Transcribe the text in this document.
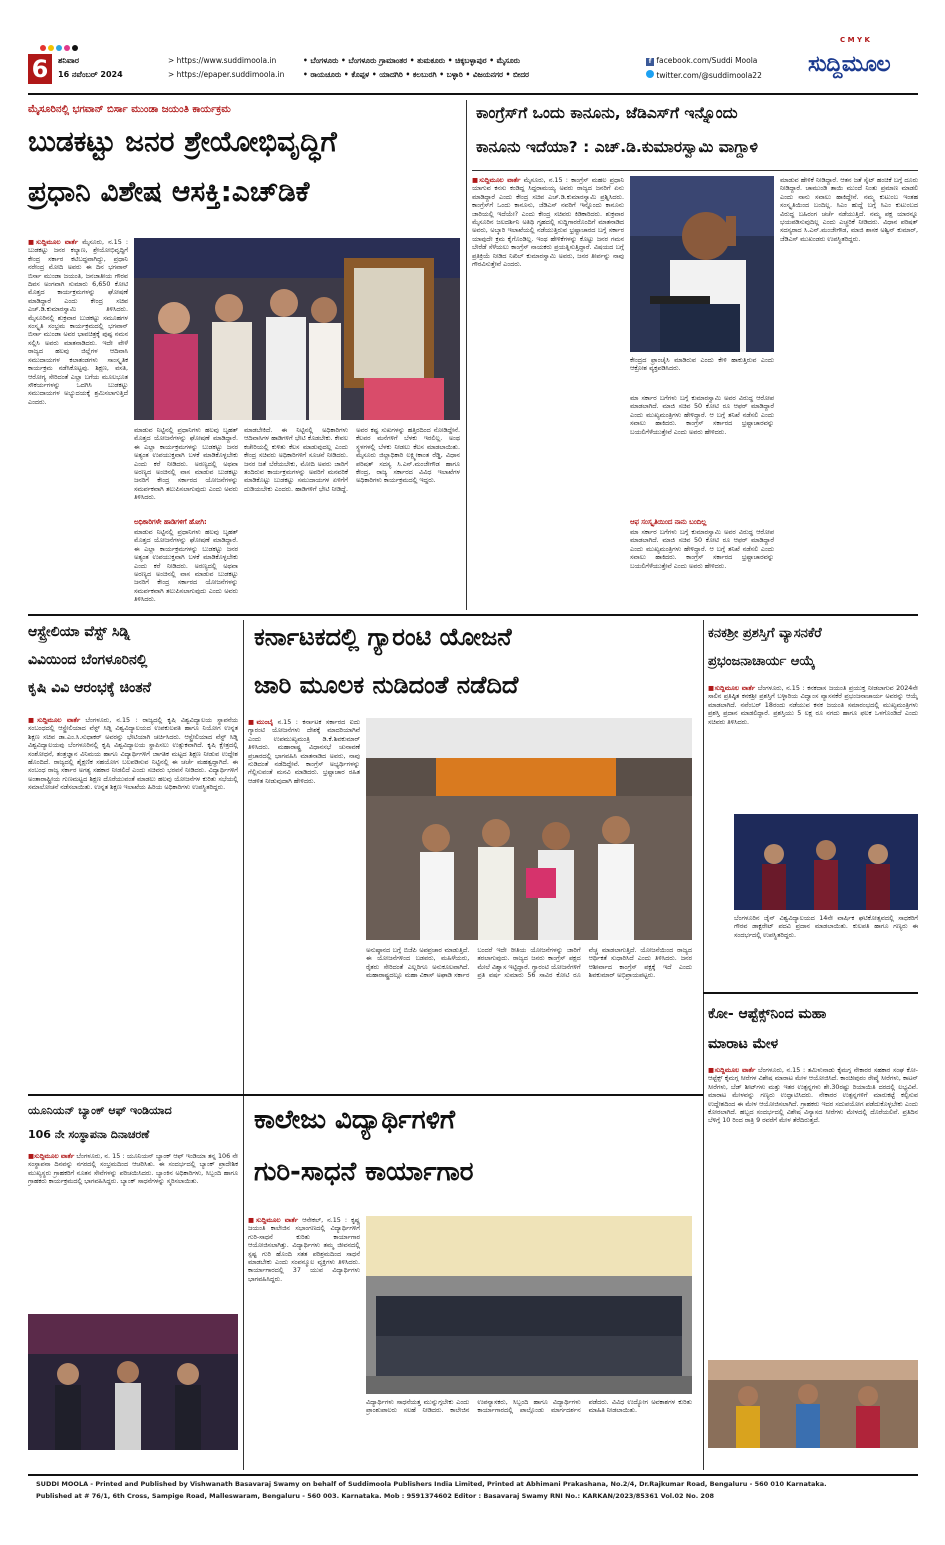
C M Y K
6	ಶನಿವಾರ
16 ನವೆಂಬರ್ 2024
> https://www.suddimoola.in
> https://epaper.suddimoola.in
• ಬೆಂಗಳೂರು • ಬೆಂಗಳೂರು ಗ್ರಾಮಾಂತರ • ತುಮಕೂರು • ಚಿಕ್ಕಬಳ್ಳಾಪುರ • ಮೈಸೂರು
• ರಾಯಚೂರು • ಕೊಪ್ಪಳ • ಯಾದಗಿರಿ • ಕಲಬುರಗಿ • ಬಳ್ಳಾರಿ • ವಿಜಯನಗರ • ಬೀದರ
f facebook.com/Suddi Moola
twitter.com/@suddimoola22 ಸುದ್ದಿಮೂಲ
ಮೈಸೂರಿನಲ್ಲಿ ಭಗವಾನ್ ಬಿರ್ಸಾ ಮುಂಡಾ ಜಯಂತಿ ಕಾರ್ಯಕ್ರಮ
ಬುಡಕಟ್ಟು ಜನರ ಶ್ರೇಯೋಭಿವೃದ್ಧಿಗೆ
ಪ್ರಧಾನಿ ವಿಶೇಷ ಆಸಕ್ತಿ:ಎಚ್‌ಡಿಕೆ
■ಸುದ್ದಿಮೂಲ ವಾರ್ತೆ ಮೈಸೂರು, ನ.15 : ಬುಡಕಟ್ಟು ಜನರ ಕಲ್ಯಾಣ, ಶ್ರೇಯೋಭಿವೃದ್ಧಿಗೆ ಕೇಂದ್ರ ಸರ್ಕಾರ ಕಟಿಬದ್ಧವಾಗಿದ್ದು, ಪ್ರಧಾನಿ ನರೇಂದ್ರ ಮೋದಿ ಅವರು ಈ ದಿನ ಭಗವಾನ್ ಬಿರ್ಸಾ ಮುಂಡಾ ಜಯಂತಿ, ಜನಜಾತೀಯ ಗೌರವ ದಿವಸ ಅಂಗವಾಗಿ ಸುಮಾರು 6,650 ಕೋಟಿ ಮೊತ್ತದ ಕಾರ್ಯಕ್ರಮಗಳನ್ನು ಘೋಷಣೆ ಮಾಡಿದ್ದಾರೆ ಎಂದು ಕೇಂದ್ರ ಸಚಿವ ಎಚ್.ಡಿ.ಕುಮಾರಸ್ವಾಮಿ ತಿಳಿಸಿದರು. ಮೈಸೂರಿನಲ್ಲಿ ಶುಕ್ರವಾರ ಬುಡಕಟ್ಟು ಸಮೂಹಗಳ ಸಂಸ್ಕೃತಿ ಸಂಭ್ರಮ ಕಾರ್ಯಕ್ರಮದಲ್ಲಿ ಭಗವಾನ್ ಬಿರ್ಸಾ ಮುಂಡಾ ಅವರ ಭಾವಚಿತ್ರಕ್ಕೆ ಪುಷ್ಪ ನಮನ ಸಲ್ಲಿಸಿ ಅವರು ಮಾತನಾಡಿದರು. ಇದೇ ವೇಳೆ ರಾಜ್ಯದ ಹಲವು ಜಿಲ್ಲೆಗಳ ಆದಿವಾಸಿ ಸಮುದಾಯಗಳ ಕಲಾತಂಡಗಳು ಸಾಂಸ್ಕೃತಿಕ ಕಾರ್ಯಕ್ರಮ ನಡೆಸಿಕೊಟ್ಟವು. ಶಿಕ್ಷಣ, ವಸತಿ, ಆರೋಗ್ಯ ಸೇರಿದಂತೆ ಎಲ್ಲಾ ಬಗೆಯ ಮೂಲಭೂತ ಸೌಕರ್ಯಗಳನ್ನು ಒದಗಿಸಿ ಬುಡಕಟ್ಟು ಸಮುದಾಯಗಳ ಅಭ್ಯುದಯಕ್ಕೆ ಶ್ರಮಿಸಲಾಗುತ್ತಿದೆ ಎಂದರು.
ಮಾಡುವ ನಿಟ್ಟಿನಲ್ಲಿ ಪ್ರಧಾನಿಗಳು ಹಲವು ಬೃಹತ್ ಮೊತ್ತದ ಯೋಜನೆಗಳನ್ನು ಘೋಷಣೆ ಮಾಡಿದ್ದಾರೆ. ಈ ಎಲ್ಲಾ ಕಾರ್ಯಕ್ರಮಗಳನ್ನು ಬುಡಕಟ್ಟು ಜನರ ಅತ್ಯಂತ ಉಪಯುಕ್ತವಾಗಿ ಬಳಕೆ ಮಾಡಿಕೊಳ್ಳಬೇಕು ಎಂದು ಕರೆ ನೀಡಿದರು. ಅರಣ್ಯದಲ್ಲಿ ಅಥವಾ ಅರಣ್ಯದ ಅಂಚಿನಲ್ಲಿ ವಾಸ ಮಾಡುವ ಬುಡಕಟ್ಟು ಜನರಿಗೆ ಕೇಂದ್ರ ಸರ್ಕಾರದ ಯೋಜನೆಗಳನ್ನು ಸಮರ್ಪಕವಾಗಿ ತಲುಪಿಸಲಾಗುವುದು ಎಂದು ಅವರು ತಿಳಿಸಿದರು.
ಅಧಿಕಾರಿಗಳೇ ಹಾಡಿಗಳಿಗೆ ಹೋಗಿ:
ಮಾಡುವ ನಿಟ್ಟಿನಲ್ಲಿ ಪ್ರಧಾನಿಗಳು ಹಲವು ಬೃಹತ್ ಮೊತ್ತದ ಯೋಜನೆಗಳನ್ನು ಘೋಷಣೆ ಮಾಡಿದ್ದಾರೆ. ಈ ಎಲ್ಲಾ ಕಾರ್ಯಕ್ರಮಗಳನ್ನು ಬುಡಕಟ್ಟು ಜನರ ಅತ್ಯಂತ ಉಪಯುಕ್ತವಾಗಿ ಬಳಕೆ ಮಾಡಿಕೊಳ್ಳಬೇಕು ಎಂದು ಕರೆ ನೀಡಿದರು. ಅರಣ್ಯದಲ್ಲಿ ಅಥವಾ ಅರಣ್ಯದ ಅಂಚಿನಲ್ಲಿ ವಾಸ ಮಾಡುವ ಬುಡಕಟ್ಟು ಜನರಿಗೆ ಕೇಂದ್ರ ಸರ್ಕಾರದ ಯೋಜನೆಗಳನ್ನು ಸಮರ್ಪಕವಾಗಿ ತಲುಪಿಸಲಾಗುವುದು ಎಂದು ಅವರು ತಿಳಿಸಿದರು.
ಮಾಡಬೇಕಿದೆ. ಈ ನಿಟ್ಟಿನಲ್ಲಿ ಅಧಿಕಾರಿಗಳು ಆದಿವಾಸಿಗಳ ಹಾಡಿಗಳಿಗೆ ಭೇಟಿ ಕೊಡಬೇಕು. ಕೇವಲ ಕಚೇರಿಯಲ್ಲಿ ಕುಳಿತು ಕೆಲಸ ಮಾಡುವುದಲ್ಲ ಎಂದು ಕೇಂದ್ರ ಸಚಿವರು ಅಧಿಕಾರಿಗಳಿಗೆ ಸೂಚನೆ ನೀಡಿದರು. ಜನರ ಜತೆ ಬೆರೆಯಬೇಕು, ಮೋದಿ ಅವರು ಜಾರಿಗೆ ತಂದಿರುವ ಕಾರ್ಯಕ್ರಮಗಳನ್ನು ಅವರಿಗೆ ಮನವರಿಕೆ ಮಾಡಿಕೊಟ್ಟು ಬುಡಕಟ್ಟು ಸಮುದಾಯಗಳ ಏಳಿಗೆಗೆ ದುಡಿಯಬೇಕು ಎಂದರು. ಹಾಡಿಗಳಿಗೆ ಭೇಟಿ ನೀಡಿದ್ದೆ. ಅವರ ಕಷ್ಟ ಸುಖಗಳನ್ನು ಹತ್ತಿರದಿಂದ ನೋಡಿದ್ದೇನೆ. ಕೆಲವರ ಮನೆಗಳಿಗೆ ಬೆಳಕು ಇರಲಿಲ್ಲ. ಅಂಥ ಸ್ಥಳಗಳಲ್ಲಿ ಬೆಳಕು ನೀಡಲು ಕೆಲಸ ಮಾಡಲಾಯಿತು. ಮೈಸೂರು ಜಿಲ್ಲಾಧಿಕಾರಿ ಲಕ್ಷ್ಮೀಕಾಂತ ರೆಡ್ಡಿ, ವಿಧಾನ ಪರಿಷತ್ ಸದಸ್ಯ ಸಿ.ಎನ್.ಮಂಜೇಗೌಡ ಹಾಗೂ ಕೇಂದ್ರ, ರಾಜ್ಯ ಸರ್ಕಾರದ ವಿವಿಧ ಇಲಾಖೆಗಳ ಅಧಿಕಾರಿಗಳು ಕಾರ್ಯಕ್ರಮದಲ್ಲಿ ಇದ್ದರು.
ಕಾಂಗ್ರೆಸ್‌ಗೆ ಒಂದು ಕಾನೂನು, ಜೆಡಿಎಸ್‌ಗೆ ಇನ್ನೊಂದು
ಕಾನೂನು ಇದೆಯಾ? : ಎಚ್.ಡಿ.ಕುಮಾರಸ್ವಾಮಿ ವಾಗ್ದಾಳಿ
■ಸುದ್ದಿಮೂಲ ವಾರ್ತೆ ಮೈಸೂರು, ನ.15 : ಕಾಂಗ್ರೆಸ್ ಮಹಲ ಪ್ರಧಾನಿ ಯಾಗುವ ಕನಸು ಕಂಡಿದ್ದ ಸಿದ್ದರಾಮಯ್ಯ ಅವರು ರಾಜ್ಯದ ಜನರಿಗೆ ಏನು ಮಾಡಿದ್ದಾರೆ ಎಂದು ಕೇಂದ್ರ ಸಚಿವ ಎಚ್.ಡಿ.ಕುಮಾರಸ್ವಾಮಿ ಪ್ರಶ್ನಿಸಿದರು. ಕಾಂಗ್ರೆಸ್‌ಗೆ ಒಂದು ಕಾನೂನು, ಜೆಡಿಎಸ್ ನವರಿಗೆ ಇನ್ನೊಂದು ಕಾನೂನು ಜಾರಿಯಲ್ಲಿ ಇದೆಯೇ? ಎಂದು ಕೇಂದ್ರ ಸಚಿವರು ಕಿಡಿಕಾರಿದರು. ಶುಕ್ರವಾರ ಮೈಸೂರಿನ ಜಲದರ್ಶಿನಿ ಅತಿಥಿ ಗೃಹದಲ್ಲಿ ಸುದ್ದಿಗಾರರೊಂದಿಗೆ ಮಾತನಾಡಿದ ಅವರು, ಅಬ್ಕಾರಿ ಇಲಾಖೆಯಲ್ಲಿ ನಡೆಯುತ್ತಿರುವ ಭ್ರಷ್ಟಾಚಾರದ ಬಗ್ಗೆ ಸರ್ಕಾರ ಯಾವುದೇ ಕ್ರಮ ಕೈಗೊಂಡಿಲ್ಲ. ಇಂಥ ಹೇಳಿಕೆಗಳನ್ನು ಕೊಟ್ಟು ಜನರ ಗಮನ ಬೇರೆಡೆ ಸೆಳೆಯಲು ಕಾಂಗ್ರೆಸ್ ನಾಯಕರು ಪ್ರಯತ್ನಿಸುತ್ತಿದ್ದಾರೆ. ವಿಷಯದ ಬಗ್ಗೆ ಪ್ರತಿಕ್ರಿಯೆ ನೀಡಿದ ನಿಖಿಲ್ ಕುಮಾರಸ್ವಾಮಿ ಅವರು, ಜನರ ತೀರ್ಪನ್ನು ನಾವು ಗೌರವಿಸುತ್ತೇವೆ ಎಂದರು.
ಕೇಂದ್ರದ ಫ್ರಾಂಚೈಸಿ ಮಾಡಿರುವ ಎಂದು ಕೇಳಿ ಹಾಕುತ್ತಿರುವ ಎಂದು ಆಕ್ರೋಶ ವ್ಯಕ್ತಪಡಿಸಿದರು.
ಮಾ ಸರ್ಕಾರ ಬಗೆಗಳು ಬಗ್ಗೆ ಕುಮಾರಸ್ವಾಮಿ ಅವರ ವಿರುದ್ಧ ಆರೋಪ ಮಾಡಲಾಗಿದೆ. ಮಾಜಿ ಸಚಿವ 50 ಕೋಟಿ ರೂ ಆಫರ್ ಮಾಡಿದ್ದಾರೆ ಎಂದು ಮುಖ್ಯಮಂತ್ರಿಗಳು ಹೇಳಿದ್ದಾರೆ. ಆ ಬಗ್ಗೆ ತನಿಖೆ ನಡೆಸಲಿ ಎಂದು ಸವಾಲು ಹಾಕಿದರು. ಕಾಂಗ್ರೆಸ್ ಸರ್ಕಾರದ ಭ್ರಷ್ಟಾಚಾರವನ್ನು ಬಯಲಿಗೆಳೆಯುತ್ತೇವೆ ಎಂದು ಅವರು ಹೇಳಿದರು.
ಆಫ ಸಂಸ್ಕೃತಿಯಿಂದ ನಾನು ಬಂದಿಲ್ಲ
ಮಾ ಸರ್ಕಾರ ಬಗೆಗಳು ಬಗ್ಗೆ ಕುಮಾರಸ್ವಾಮಿ ಅವರ ವಿರುದ್ಧ ಆರೋಪ ಮಾಡಲಾಗಿದೆ. ಮಾಜಿ ಸಚಿವ 50 ಕೋಟಿ ರೂ ಆಫರ್ ಮಾಡಿದ್ದಾರೆ ಎಂದು ಮುಖ್ಯಮಂತ್ರಿಗಳು ಹೇಳಿದ್ದಾರೆ. ಆ ಬಗ್ಗೆ ತನಿಖೆ ನಡೆಸಲಿ ಎಂದು ಸವಾಲು ಹಾಕಿದರು. ಕಾಂಗ್ರೆಸ್ ಸರ್ಕಾರದ ಭ್ರಷ್ಟಾಚಾರವನ್ನು ಬಯಲಿಗೆಳೆಯುತ್ತೇವೆ ಎಂದು ಅವರು ಹೇಳಿದರು.
ಮಾಡುವ ಹೇಳಿಕೆ ನೀಡಿದ್ದಾರೆ. ಆತನ ಜತೆ ಸೈಟ್ ಹಂಚಿಕೆ ಬಗ್ಗೆ ದೂರು ನೀಡಿದ್ದಾರೆ. ಚಾಮುಂಡಿ ತಾಯಿ ಮುಂದೆ ನಿಂತು ಪ್ರಮಾಣ ಮಾಡಲಿ ಎಂದು ನಾನು ಸವಾಲು ಹಾಕಿದ್ದೇನೆ. ನಮ್ಮ ಕುಟುಂಬ ಇಂತಹ ಸಂಸ್ಕೃತಿಯಿಂದ ಬಂದಿಲ್ಲ. ಸಿಎಂ ಹುದ್ದೆ ಬಗ್ಗೆ ಸಿಎಂ ಕುಟುಂಬದ ವಿರುದ್ಧ ಬಹಿರಂಗ ಚರ್ಚೆ ನಡೆಯುತ್ತಿದೆ. ನಮ್ಮ ಪಕ್ಷ ಯಾರನ್ನೂ ಭಯಪಡಿಸುವುದಿಲ್ಲ ಎಂದು ಎಚ್ಚರಿಕೆ ನೀಡಿದರು. ವಿಧಾನ ಪರಿಷತ್ ಸದಸ್ಯರಾದ ಸಿ.ಎನ್.ಮಂಜೇಗೌಡ, ಮಾಜಿ ಶಾಸಕ ಅಶ್ವಿನ್ ಕುಮಾರ್, ಜೆಡಿಎಸ್ ಮುಖಂಡರು ಉಪಸ್ಥಿತರಿದ್ದರು.
ಆಸ್ಟ್ರೇಲಿಯಾ ವೆಸ್ಟ್ ಸಿಡ್ನಿ
ವಿವಿಯಿಂದ ಬೆಂಗಳೂರಿನಲ್ಲಿ
ಕೃಷಿ ವಿವಿ ಆರಂಭಕ್ಕೆ ಚಿಂತನೆ
■ಸುದ್ದಿಮೂಲ ವಾರ್ತೆ ಬೆಂಗಳೂರು, ನ.15 : ರಾಜ್ಯದಲ್ಲಿ ಕೃಷಿ ವಿಶ್ವವಿದ್ಯಾಲಯ ಸ್ಥಾಪನೆಯ ಸಂಬಂಧದಲ್ಲಿ ಆಸ್ಟ್ರೇಲಿಯಾದ ವೆಸ್ಟ್ ಸಿಡ್ನಿ ವಿಶ್ವವಿದ್ಯಾಲಯದ ಉಪಕುಲಪತಿ ಹಾಗೂ ನಿಯೋಗ ಉನ್ನತ ಶಿಕ್ಷಣ ಸಚಿವ ಡಾ.ಎಂ.ಸಿ.ಸುಧಾಕರ್ ಅವರನ್ನು ಭೇಟಿಯಾಗಿ ಚರ್ಚಿಸಿದರು. ಆಸ್ಟ್ರೇಲಿಯಾದ ವೆಸ್ಟ್ ಸಿಡ್ನಿ ವಿಶ್ವವಿದ್ಯಾಲಯವು ಬೆಂಗಳೂರಿನಲ್ಲಿ ಕೃಷಿ ವಿಶ್ವವಿದ್ಯಾಲಯ ಸ್ಥಾಪಿಸಲು ಉತ್ಸುಕವಾಗಿದೆ. ಕೃಷಿ ಕ್ಷೇತ್ರದಲ್ಲಿ ಸಂಶೋಧನೆ, ತಂತ್ರಜ್ಞಾನ ವಿನಿಮಯ ಹಾಗೂ ವಿದ್ಯಾರ್ಥಿಗಳಿಗೆ ಜಾಗತಿಕ ಮಟ್ಟದ ಶಿಕ್ಷಣ ನೀಡುವ ಉದ್ದೇಶ ಹೊಂದಿದೆ. ರಾಜ್ಯದಲ್ಲಿ ಶೈಕ್ಷಣಿಕ ಸಹಯೋಗ ಬಲಪಡಿಸುವ ನಿಟ್ಟಿನಲ್ಲಿ ಈ ಚರ್ಚೆ ಮಹತ್ವದ್ದಾಗಿದೆ. ಈ ಸಂಬಂಧ ರಾಜ್ಯ ಸರ್ಕಾರ ಅಗತ್ಯ ಸಹಕಾರ ನೀಡಲಿದೆ ಎಂದು ಸಚಿವರು ಭರವಸೆ ನೀಡಿದರು. ವಿದ್ಯಾರ್ಥಿಗಳಿಗೆ ಅಂತಾರಾಷ್ಟ್ರೀಯ ಗುಣಮಟ್ಟದ ಶಿಕ್ಷಣ ದೊರೆಯುವಂತೆ ಮಾಡಲು ಹಲವು ಯೋಜನೆಗಳ ಕುರಿತು ಸಭೆಯಲ್ಲಿ ಸಮಾಲೋಚನೆ ನಡೆಸಲಾಯಿತು. ಉನ್ನತ ಶಿಕ್ಷಣ ಇಲಾಖೆಯ ಹಿರಿಯ ಅಧಿಕಾರಿಗಳು ಉಪಸ್ಥಿತರಿದ್ದರು.
ಕರ್ನಾಟಕದಲ್ಲಿ ಗ್ಯಾರಂಟಿ ಯೋಜನೆ
ಜಾರಿ ಮೂಲಕ ನುಡಿದಂತೆ ನಡೆದಿದೆ
■ಮುಂಬೈ ನ.15 : ಕರ್ನಾಟಕ ಸರ್ಕಾರದ ಐದು ಗ್ಯಾರಂಟಿ ಯೋಜನೆಗಳು ದೇಶಕ್ಕೆ ಮಾದರಿಯಾಗಿವೆ ಎಂದು ಉಪಮುಖ್ಯಮಂತ್ರಿ ಡಿ.ಕೆ.ಶಿವಕುಮಾರ್ ತಿಳಿಸಿದರು. ಮಹಾರಾಷ್ಟ್ರ ವಿಧಾನಸಭೆ ಚುನಾವಣೆ ಪ್ರಚಾರದಲ್ಲಿ ಭಾಗವಹಿಸಿ ಮಾತನಾಡಿದ ಅವರು, ನಾವು ನುಡಿದಂತೆ ನಡೆದಿದ್ದೇವೆ. ಕಾಂಗ್ರೆಸ್ ಅಭ್ಯರ್ಥಿಗಳನ್ನು ಗೆಲ್ಲಿಸುವಂತೆ ಮನವಿ ಮಾಡಿದರು. ಭ್ರಷ್ಟಾಚಾರ ರಹಿತ ಆಡಳಿತ ನೀಡುವುದಾಗಿ ಹೇಳಿದರು.
ಅನುಷ್ಠಾನದ ಬಗ್ಗೆ ಬಿಜೆಪಿ ಅಪಪ್ರಚಾರ ಮಾಡುತ್ತಿದೆ. ಈ ಯೋಜನೆಗಳಿಂದ ಬಡವರು, ಮಹಿಳೆಯರು, ರೈತರು ಸೇರಿದಂತೆ ಎಲ್ಲರಿಗೂ ಅನುಕೂಲವಾಗಿದೆ. ಮಹಾರಾಷ್ಟ್ರದಲ್ಲೂ ಮಹಾ ವಿಕಾಸ್ ಅಘಾಡಿ ಸರ್ಕಾರ ಬಂದರೆ ಇದೇ ರೀತಿಯ ಯೋಜನೆಗಳನ್ನು ಜಾರಿಗೆ ತರಲಾಗುವುದು. ರಾಜ್ಯದ ಜನರು ಕಾಂಗ್ರೆಸ್ ಪಕ್ಷದ ಮೇಲೆ ವಿಶ್ವಾಸ ಇಟ್ಟಿದ್ದಾರೆ. ಗ್ಯಾರಂಟಿ ಯೋಜನೆಗಳಿಗೆ ಪ್ರತಿ ವರ್ಷ ಸುಮಾರು 56 ಸಾವಿರ ಕೋಟಿ ರೂ ವೆಚ್ಚ ಮಾಡಲಾಗುತ್ತಿದೆ. ಯೋಜನೆಯಿಂದ ರಾಜ್ಯದ ಆರ್ಥಿಕತೆ ಸುಧಾರಿಸಿದೆ ಎಂದು ತಿಳಿಸಿದರು. ಜನರ ಆಶೀರ್ವಾದ ಕಾಂಗ್ರೆಸ್ ಪಕ್ಷಕ್ಕೆ ಇದೆ ಎಂದು ಶಿವಕುಮಾರ್ ಅಭಿಪ್ರಾಯಪಟ್ಟರು.
ಕನಕಶ್ರೀ ಪ್ರಶಸ್ತಿಗೆ ವ್ಯಾಸನಕೆರೆ
ಪ್ರಭಂಜನಾಚಾರ್ಯ ಆಯ್ಕೆ
■ಸುದ್ದಿಮೂಲ ವಾರ್ತೆ ಬೆಂಗಳೂರು, ನ.15 : ಕನಕದಾಸ ಜಯಂತಿ ಪ್ರಯುಕ್ತ ನೀಡಲಾಗುವ 2024ನೇ ಸಾಲಿನ ಪ್ರತಿಷ್ಠಿತ ಕನಕಶ್ರೀ ಪ್ರಶಸ್ತಿಗೆ ಬಳ್ಳಾರಿಯ ವಿದ್ವಾಂಸ ವ್ಯಾಸನಕೆರೆ ಪ್ರಭಂಜನಾಚಾರ್ಯ ಅವರನ್ನು ಆಯ್ಕೆ ಮಾಡಲಾಗಿದೆ. ನವೆಂಬರ್ 18ರಂದು ನಡೆಯುವ ಕನಕ ಜಯಂತಿ ಸಮಾರಂಭದಲ್ಲಿ ಮುಖ್ಯಮಂತ್ರಿಗಳು ಪ್ರಶಸ್ತಿ ಪ್ರದಾನ ಮಾಡಲಿದ್ದಾರೆ. ಪ್ರಶಸ್ತಿಯು 5 ಲಕ್ಷ ರೂ ನಗದು ಹಾಗೂ ಫಲಕ ಒಳಗೊಂಡಿದೆ ಎಂದು ಸಚಿವರು ತಿಳಿಸಿದರು.
ಬೆಂಗಳೂರಿನ ಜೈನ್ ವಿಶ್ವವಿದ್ಯಾಲಯದ 14ನೇ ವಾರ್ಷಿಕ ಘಟಿಕೋತ್ಸವದಲ್ಲಿ ಸಾಧಕರಿಗೆ ಗೌರವ ಡಾಕ್ಟರೇಟ್ ಪದವಿ ಪ್ರದಾನ ಮಾಡಲಾಯಿತು. ಕುಲಪತಿ ಹಾಗೂ ಗಣ್ಯರು ಈ ಸಂದರ್ಭದಲ್ಲಿ ಉಪಸ್ಥಿತರಿದ್ದರು.
ಕೋ- ಆಪ್ಟೆಕ್ಸ್‌ನಿಂದ ಮಹಾ
ಮಾರಾಟ ಮೇಳ
■ಸುದ್ದಿಮೂಲ ವಾರ್ತೆ ಬೆಂಗಳೂರು, ನ.15 : ತಮಿಳುನಾಡು ಕೈಮಗ್ಗ ನೇಕಾರರ ಸಹಕಾರ ಸಂಘ ಕೋ-ಆಪ್ಟೆಕ್ಸ್ ಕೈಮಗ್ಗ ಸೀರೆಗಳ ವಿಶೇಷ ಮಾರಾಟ ಮೇಳ ಆಯೋಜಿಸಿದೆ. ಕಾಂಚೀಪುರಂ ರೇಷ್ಮೆ ಸೀರೆಗಳು, ಕಾಟನ್ ಸೀರೆಗಳು, ಬೆಡ್ ಶೀಟ್‌ಗಳು ಮತ್ತು ಇತರ ಉತ್ಪನ್ನಗಳು ಶೇ.30ರಷ್ಟು ರಿಯಾಯಿತಿ ದರದಲ್ಲಿ ಲಭ್ಯವಿವೆ. ಮಾರಾಟ ಮೇಳವನ್ನು ಗಣ್ಯರು ಉದ್ಘಾಟಿಸಿದರು. ನೇಕಾರರ ಉತ್ಪನ್ನಗಳಿಗೆ ಮಾರುಕಟ್ಟೆ ಕಲ್ಪಿಸುವ ಉದ್ದೇಶದಿಂದ ಈ ಮೇಳ ಆಯೋಜಿಸಲಾಗಿದೆ. ಗ್ರಾಹಕರು ಇದರ ಸದುಪಯೋಗ ಪಡೆದುಕೊಳ್ಳಬೇಕು ಎಂದು ಕೋರಲಾಗಿದೆ. ಹಬ್ಬದ ಸಂದರ್ಭದಲ್ಲಿ ವಿಶೇಷ ವಿನ್ಯಾಸದ ಸೀರೆಗಳು ಮೇಳದಲ್ಲಿ ದೊರೆಯಲಿವೆ. ಪ್ರತಿದಿನ ಬೆಳಿಗ್ಗೆ 10 ರಿಂದ ರಾತ್ರಿ 9 ರವರೆಗೆ ಮೇಳ ತೆರೆದಿರುತ್ತದೆ.
ಯೂನಿಯನ್ ಬ್ಯಾಂಕ್ ಆಫ್ ಇಂಡಿಯಾದ
106 ನೇ ಸಂಸ್ಥಾಪನಾ ದಿನಾಚರಣೆ
■ಸುದ್ದಿಮೂಲ ವಾರ್ತೆ ಬೆಂಗಳೂರು, ನ. 15 : ಯೂನಿಯನ್ ಬ್ಯಾಂಕ್ ಆಫ್ ಇಂಡಿಯಾ ತನ್ನ 106 ನೇ ಸಂಸ್ಥಾಪನಾ ದಿನವನ್ನು ನಗರದಲ್ಲಿ ಸಂಭ್ರಮದಿಂದ ಆಚರಿಸಿತು. ಈ ಸಂದರ್ಭದಲ್ಲಿ ಬ್ಯಾಂಕ್ ಪ್ರಾದೇಶಿಕ ಮುಖ್ಯಸ್ಥರು ಗ್ರಾಹಕರಿಗೆ ನೂತನ ಸೇವೆಗಳನ್ನು ಪರಿಚಯಿಸಿದರು. ಬ್ಯಾಂಕಿನ ಅಧಿಕಾರಿಗಳು, ಸಿಬ್ಬಂದಿ ಹಾಗೂ ಗ್ರಾಹಕರು ಕಾರ್ಯಕ್ರಮದಲ್ಲಿ ಭಾಗವಹಿಸಿದ್ದರು. ಬ್ಯಾಂಕ್ ಸಾಧನೆಗಳನ್ನು ಸ್ಮರಿಸಲಾಯಿತು.
ಕಾಲೇಜು ವಿದ್ಯಾರ್ಥಿಗಳಿಗೆ
ಗುರಿ-ಸಾಧನೆ ಕಾರ್ಯಾಗಾರ
■ಸುದ್ದಿಮೂಲ ವಾರ್ತೆ ಆನೇಕಲ್, ನ.15 : ಕೃಷ್ಣ ಜಯಂತಿ ಕಾಲೇಜಿನ ಸಭಾಂಗಣದಲ್ಲಿ ವಿದ್ಯಾರ್ಥಿಗಳಿಗೆ ಗುರಿ-ಸಾಧನೆ ಕುರಿತು ಕಾರ್ಯಾಗಾರ ಆಯೋಜಿಸಲಾಗಿತ್ತು. ವಿದ್ಯಾರ್ಥಿಗಳು ತಮ್ಮ ಜೀವನದಲ್ಲಿ ಸ್ಪಷ್ಟ ಗುರಿ ಹೊಂದಿ ಸತತ ಪರಿಶ್ರಮದಿಂದ ಸಾಧನೆ ಮಾಡಬೇಕು ಎಂದು ಸಂಪನ್ಮೂಲ ವ್ಯಕ್ತಿಗಳು ತಿಳಿಸಿದರು. ಕಾರ್ಯಾಗಾರದಲ್ಲಿ 37 ಯುವ ವಿದ್ಯಾರ್ಥಿಗಳು ಭಾಗವಹಿಸಿದ್ದರು.
ವಿದ್ಯಾರ್ಥಿಗಳು ಸಾಧನೆಯತ್ತ ಮುನ್ನುಗ್ಗಬೇಕು ಎಂದು ಪ್ರಾಂಶುಪಾಲರು ಸಲಹೆ ನೀಡಿದರು. ಕಾಲೇಜಿನ ಉಪನ್ಯಾಸಕರು, ಸಿಬ್ಬಂದಿ ಹಾಗೂ ವಿದ್ಯಾರ್ಥಿಗಳು ಕಾರ್ಯಾಗಾರದಲ್ಲಿ ಪಾಲ್ಗೊಂಡು ಮಾರ್ಗದರ್ಶನ ಪಡೆದರು. ವಿವಿಧ ಉದ್ಯೋಗ ಅವಕಾಶಗಳ ಕುರಿತು ಮಾಹಿತಿ ನೀಡಲಾಯಿತು.
SUDDI MOOLA - Printed and Published by Vishwanath Basavaraj Swamy on behalf of Suddimoola Publishers India Limited, Printed at Abhimani Prakashana, No.2/4, Dr.Rajkumar Road, Bengaluru - 560 010 Karnataka.
Published at # 76/1, 6th Cross, Sampige Road, Malleswaram, Bengaluru - 560 003. Karnataka. Mob : 9591374602 Editor : Basavaraj Swamy RNI No.: KARKAN/2023/85361 Vol.02 No. 208
